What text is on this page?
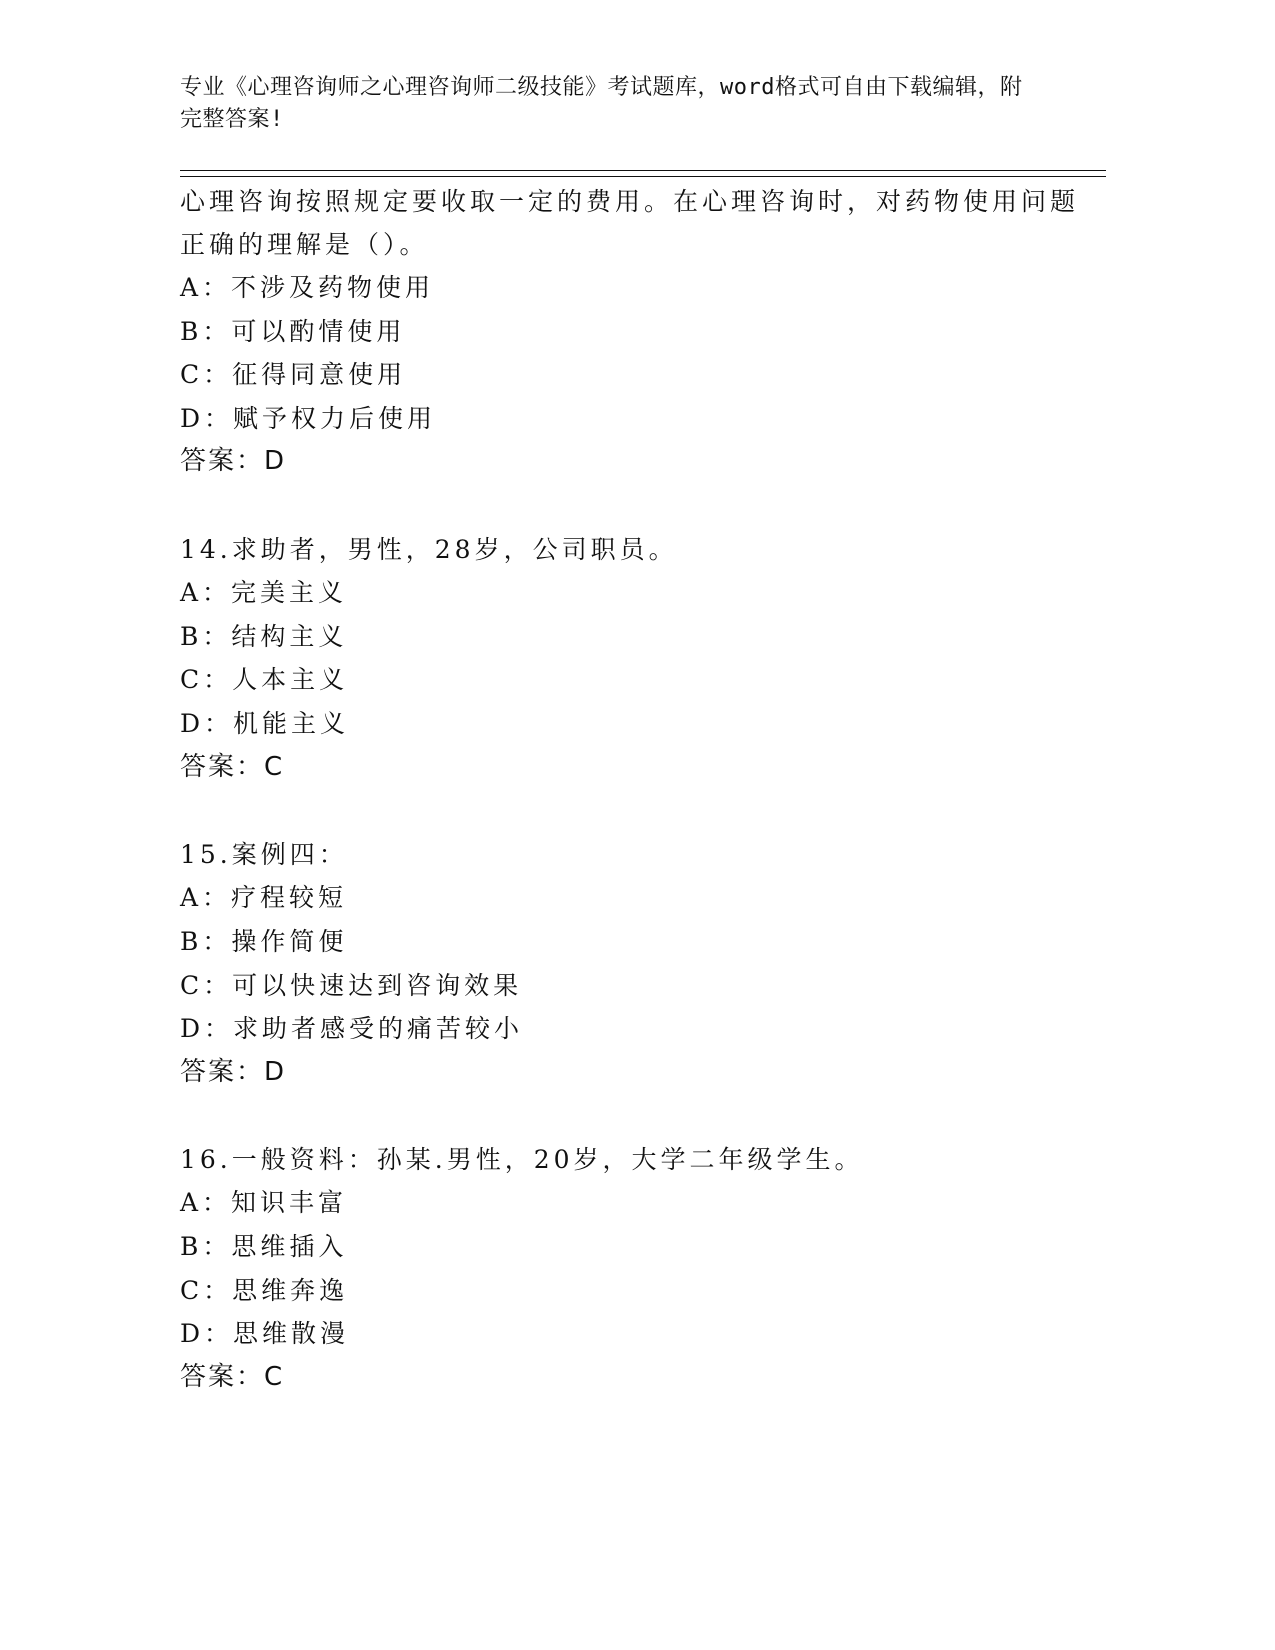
专业《心理咨询师之心理咨询师二级技能》考试题库，word格式可自由下载编辑，附完整答案!
心理咨询按照规定要收取一定的费用。在心理咨询时，对药物使用问题正确的理解是（）。
A：不涉及药物使用
B：可以酌情使用
C：征得同意使用
D：赋予权力后使用
答案：D
14.求助者，男性，28岁，公司职员。
A：完美主义
B：结构主义
C：人本主义
D：机能主义
答案：C
15.案例四：
A：疗程较短
B：操作简便
C：可以快速达到咨询效果
D：求助者感受的痛苦较小
答案：D
16.一般资料：孙某.男性，20岁，大学二年级学生。
A：知识丰富
B：思维插入
C：思维奔逸
D：思维散漫
答案：C
